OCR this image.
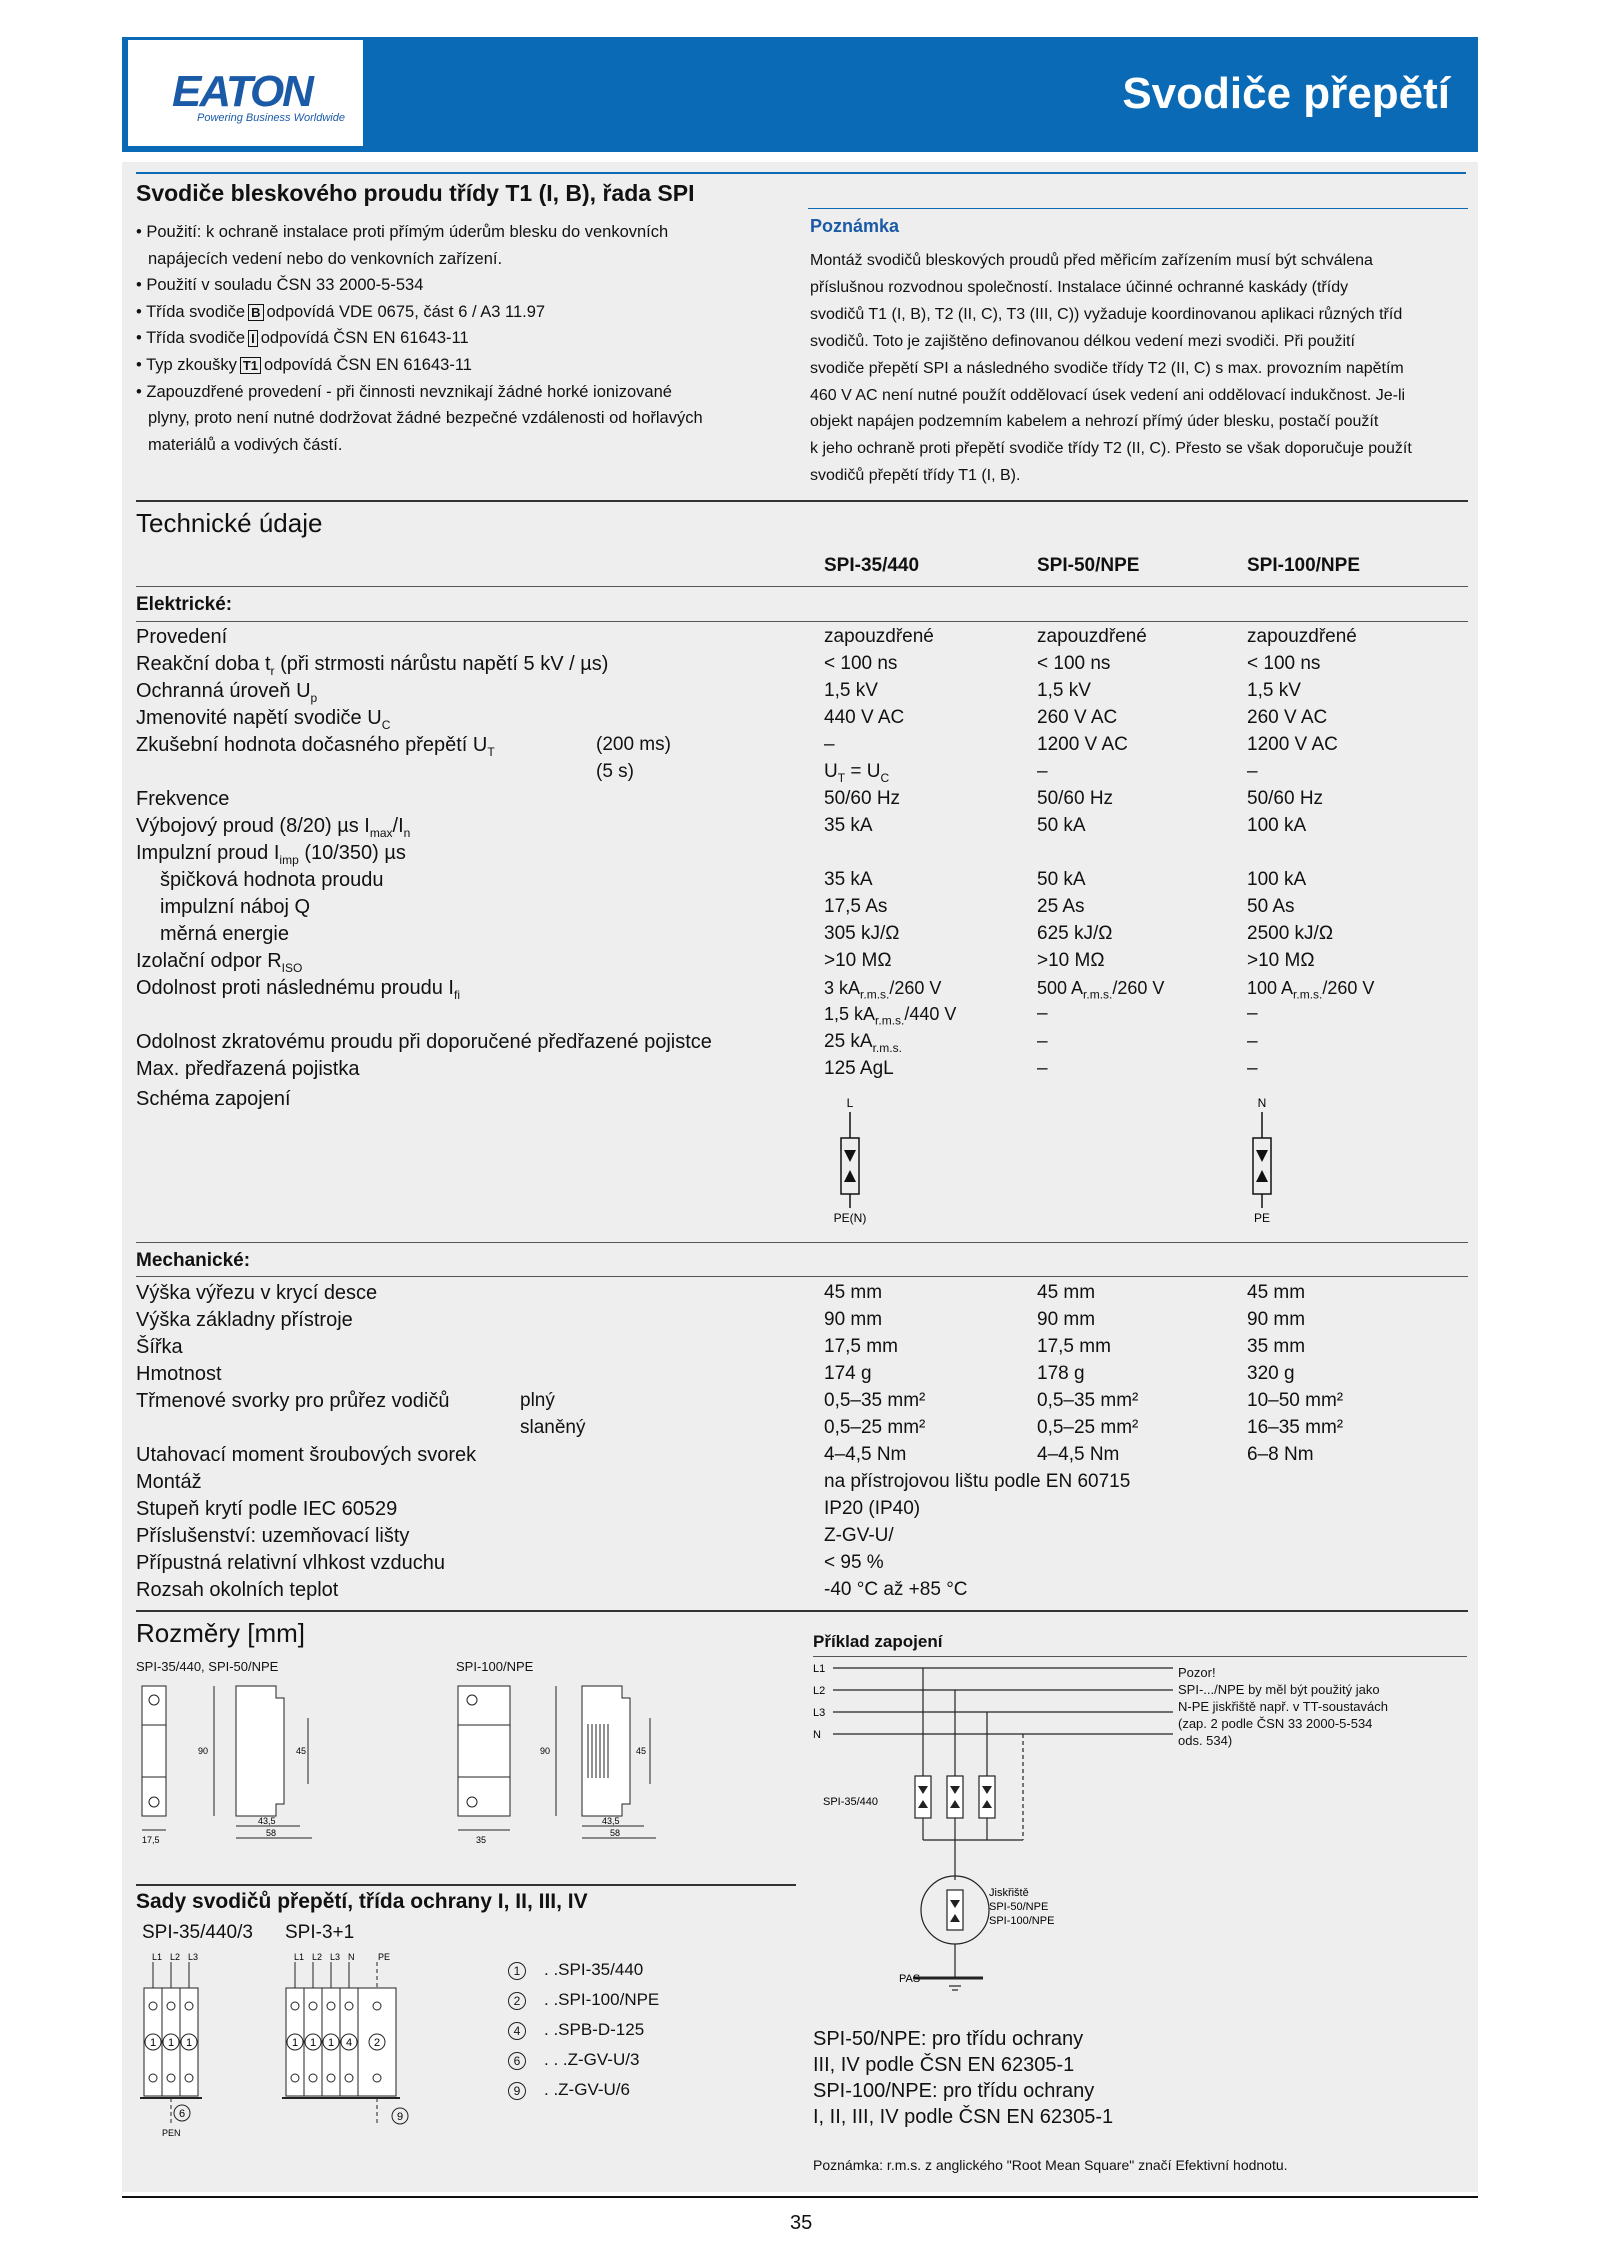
EATON
Powering Business Worldwide	Svodiče přepětí
Svodiče bleskového proudu třídy T1 (I, B), řada SPI
• Použití: k ochraně instalace proti přímým úderům blesku do venkovních
napájecích vedení nebo do venkovních zařízení.
• Použití v souladu ČSN 33 2000-5-534
• Třída svodiče B odpovídá VDE 0675, část 6 / A3 11.97
• Třída svodiče I odpovídá ČSN EN 61643-11
• Typ zkoušky T1 odpovídá ČSN EN 61643-11
• Zapouzdřené provedení - při činnosti nevznikají žádné horké ionizované
plyny, proto není nutné dodržovat žádné bezpečné vzdálenosti od hořlavých
materiálů a vodivých částí.
Poznámka
Montáž svodičů bleskových proudů před měřicím zařízením musí být schválena
příslušnou rozvodnou společností. Instalace účinné ochranné kaskády (třídy
svodičů T1 (I, B), T2 (II, C), T3 (III, C)) vyžaduje koordinovanou aplikaci různých tříd
svodičů. Toto je zajištěno definovanou délkou vedení mezi svodiči. Při použití
svodiče přepětí SPI a následného svodiče třídy T2 (II, C) s max. provozním napětím
460 V AC není nutné použít oddělovací úsek vedení ani oddělovací indukčnost. Je-li
objekt napájen podzemním kabelem a nehrozí přímý úder blesku, postačí použít
k jeho ochraně proti přepětí svodiče třídy T2 (II, C). Přesto se však doporučuje použít
svodičů přepětí třídy T1 (I, B).
Technické údaje
SPI-35/440	SPI-50/NPE	SPI-100/NPE
Elektrické:
Provedení	zapouzdřené	zapouzdřené	zapouzdřené
Reakční doba $t_r$ (při strmosti nárůstu napětí 5 kV / µs)	< 100 ns	< 100 ns	< 100 ns
Ochranná úroveň $U_p$	1,5 kV	1,5 kV	1,5 kV
Jmenovité napětí svodiče $U_C$	440 V AC	260 V AC	260 V AC
Zkušební hodnota dočasného přepětí $U_T$	(200 ms)	–	1200 V AC	1200 V AC
(5 s)	$U_T = U_C$	–	–
Frekvence	50/60 Hz	50/60 Hz	50/60 Hz
Výbojový proud (8/20) µs $I_{max}/I_n$	35 kA	50 kA	100 kA
Impulzní proud $I_{imp}$ (10/350) µs
špičková hodnota proudu	35 kA	50 kA	100 kA
impulzní náboj Q	17,5 As	25 As	50 As
měrná energie	305 kJ/Ω	625 kJ/Ω	2500 kJ/Ω
Izolační odpor $R_{ISO}$	>10 MΩ	>10 MΩ	>10 MΩ
Odolnost proti následnému proudu $I_{fi}$	3 $kA_{r.m.s.}/260$ V	500 $A_{r.m.s.}/260$ V	100 $A_{r.m.s.}/260$ V
1,5 $kA_{r.m.s.}/440$ V	–	–
Odolnost zkratovému proudu při doporučené předřazené pojistce	25 $kA_{r.m.s.}$	–	–
Max. předřazená pojistka	125 AgL	–	–
Schéma zapojení	L
PE(N)
N
PE
Mechanické:
Výška výřezu v krycí desce	45 mm	45 mm	45 mm
Výška základny přístroje	90 mm	90 mm	90 mm
Šířka	17,5 mm	17,5 mm	35 mm
Hmotnost	174 g	178 g	320 g
Třmenové svorky pro průřez vodičů	plný	0,5–35 mm²	0,5–35 mm²	10–50 mm²
slaněný	0,5–25 mm²	0,5–25 mm²	16–35 mm²
Utahovací moment šroubových svorek	4–4,5 Nm	4–4,5 Nm	6–8 Nm
Montáž	na přístrojovou lištu podle EN 60715
Stupeň krytí podle IEC 60529	IP20 (IP40)
Příslušenství: uzemňovací lišty	Z-GV-U/
Přípustná relativní vlhkost vzduchu	< 95 %
Rozsah okolních teplot	-40 °C až +85 °C
Rozměry [mm]
SPI-35/440, SPI-50/NPE	SPI-100/NPE
17,5
90	45
43,5
58
35
90	45
43,5
58
Sady svodičů přepětí, třída ochrany I, II, III, IV
SPI-35/440/3 SPI-3+1
L1 L2 L3
1 1 1
6
PEN
L1 L2 L3 N	PE
1 1 1 4 2
9
1 . .SPI-35/440
2 . .SPI-100/NPE
4 . .SPB-D-125
6 . . .Z-GV-U/3
9 . .Z-GV-U/6
Příklad zapojení
L1
L2
L3
N
SPI-35/440
PAS
Jiskřiště
SPI-50/NPE
SPI-100/NPE
Pozor!
SPI-.../NPE by měl být použitý jako
N-PE jiskřiště např. v TT-soustavách
(zap. 2 podle ČSN 33 2000-5-534
ods. 534)
SPI-50/NPE: pro třídu ochrany
III, IV podle ČSN EN 62305-1
SPI-100/NPE: pro třídu ochrany
I, II, III, IV podle ČSN EN 62305-1
Poznámka: r.m.s. z anglického "Root Mean Square" značí Efektivní hodnotu.
35
